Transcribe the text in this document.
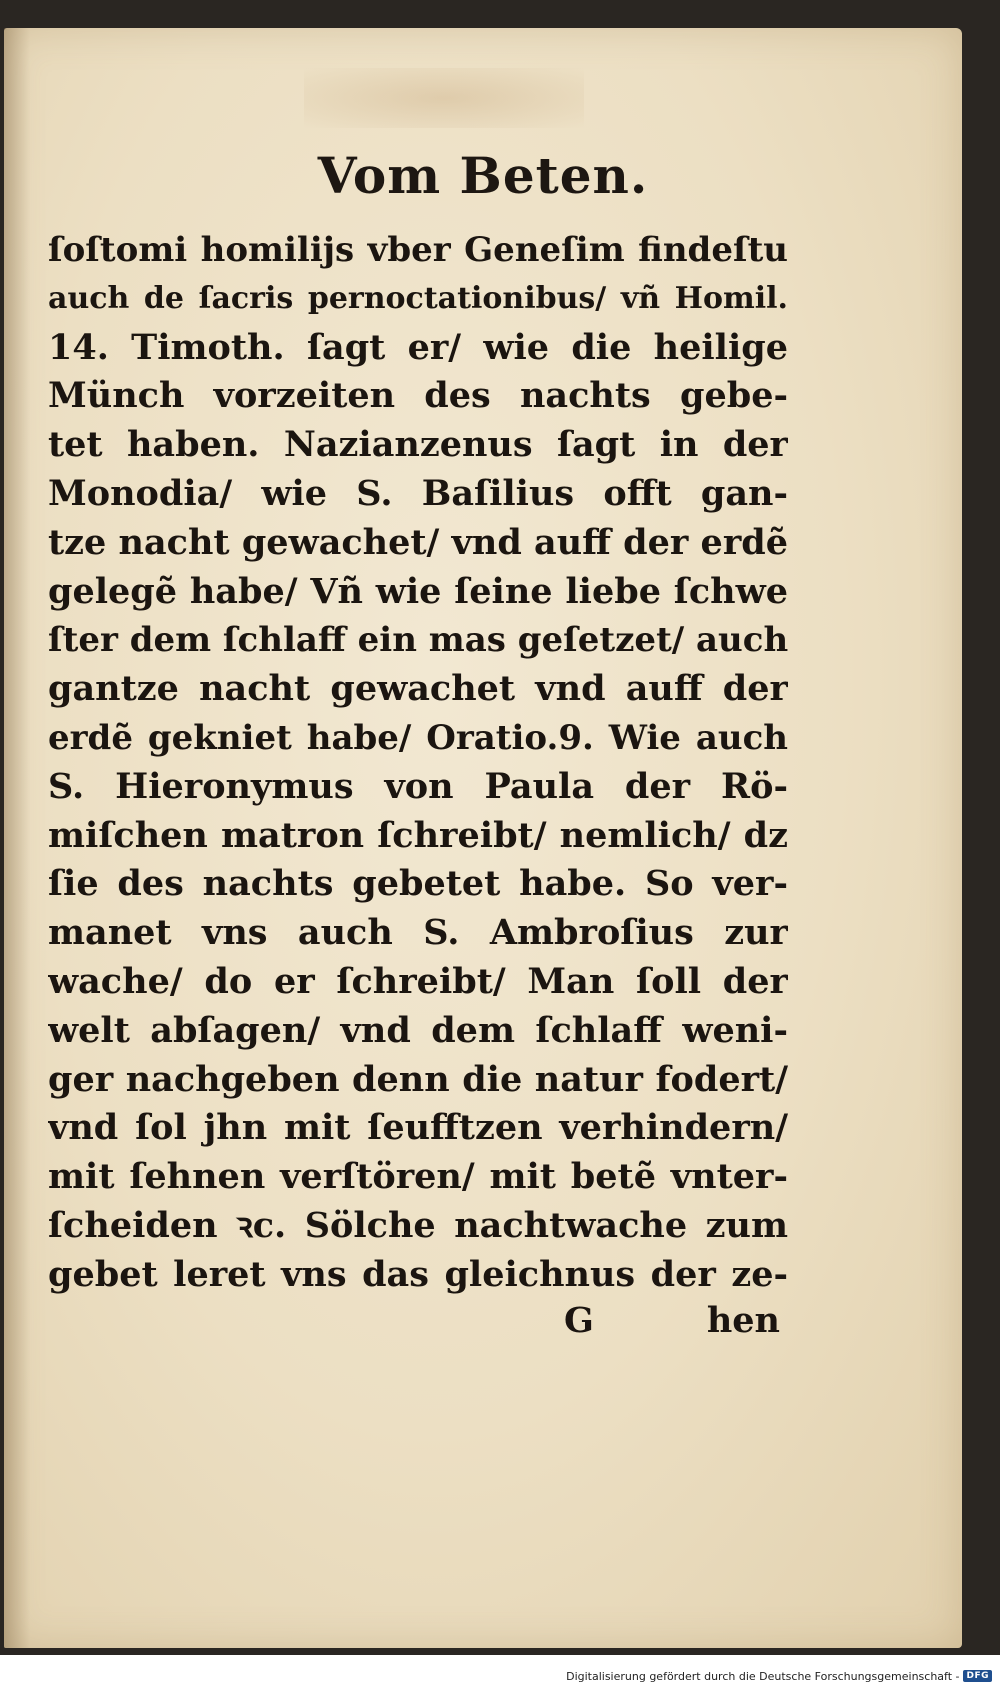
Vom Beten.
ſoſtomi homilijs vber Geneſim findeſtu
auch de ſacris pernoctationibus/ vñ Homil.
14. Timoth. ſagt er/ wie die heilige
Münch vorzeiten des nachts gebe-
tet haben. Nazianzenus ſagt in der
Monodia/ wie S. Baſilius offt gan-
tze nacht gewachet/ vnd auff der erdẽ
gelegẽ habe/ Vñ wie ſeine liebe ſchwe
ſter dem ſchlaff ein mas geſetzet/ auch
gantze nacht gewachet vnd auff der
erdẽ gekniet habe/ Oratio.9. Wie auch
S. Hieronymus von Paula der Rö-
miſchen matron ſchreibt/ nemlich/ dz
ſie des nachts gebetet habe. So ver-
manet vns auch S. Ambroſius zur
wache/ do er ſchreibt/ Man ſoll der
welt abſagen/ vnd dem ſchlaff weni-
ger nachgeben denn die natur fodert/
vnd ſol jhn mit ſeufftzen verhindern/
mit ſehnen verſtören/ mit betẽ vnter-
ſcheiden ꝛc. Sölche nachtwache zum
gebet leret vns das gleichnus der ze-
G	hen
Digitalisierung gefördert durch die Deutsche Forschungsgemeinschaft - DFG
